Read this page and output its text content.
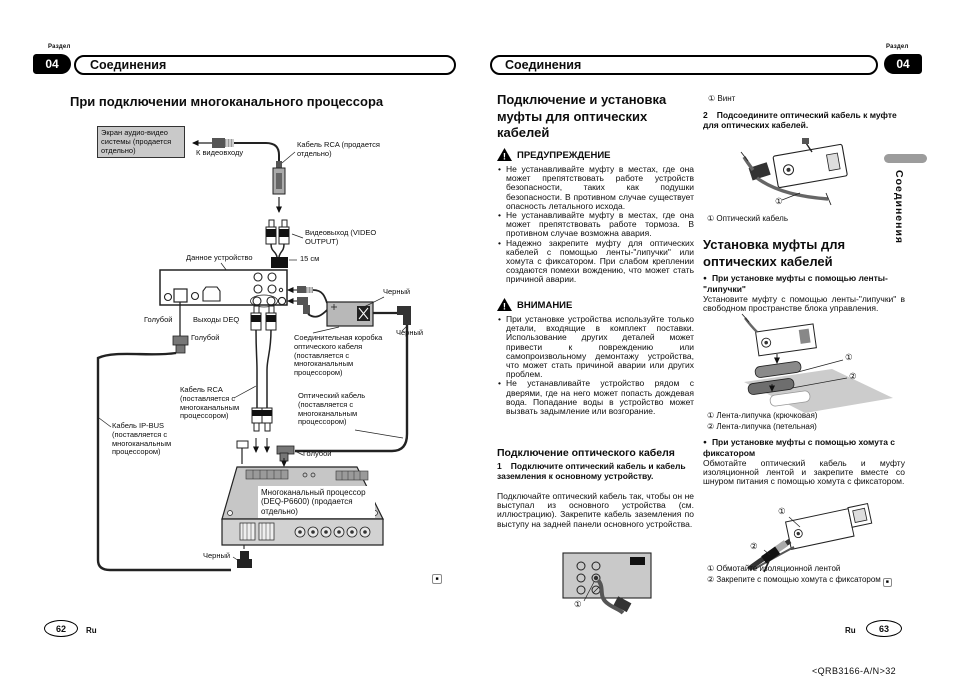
Раздел
04	Соединения
При подключении многоканального процессора
Экран аудио-видео системы (продается отдельно)	К видеовходу
Кабель RCA (продается отдельно)
Видеовыход (VIDEO OUTPUT)
15 см
Данное устройство
Голубой	Выходы DEQ
Голубой
Черный
Черный
Соединительная коробка оптического кабеля (поставляется с многоканальным процессором)
Кабель RCA (поставляется с многоканальным процессором)
Оптический кабель (поставляется с многоканальным процессором)
Кабель IP-BUS (поставляется с многоканальным процессором)	Голубой
Многоканальный процессор (DEQ-P6600) (продается отдельно)
Черный
■
62	Ru
Соединения
Раздел
04
Подключение и установка муфты для оптических кабелей
! ПРЕДУПРЕЖДЕНИЕ
• Не устанавливайте муфту в местах, где она может препятствовать работе устройств безопасности, таких как подушки безопасности. В противном случае существует опасность летального исхода.
• Не устанавливайте муфту в местах, где она может препятствовать работе тормоза. В противном случае возможна авария.
• Надежно закрепите муфту для оптических кабелей с помощью ленты-"липучки" или хомута с фиксатором. При слабом креплении создаются помехи вождению, что может стать причиной аварии.
! ВНИМАНИЕ
• При установке устройства используйте только детали, входящие в комплект поставки. Использование других деталей может привести к повреждению или самопроизвольному демонтажу устройства, что может стать причиной аварии или других проблем.
• Не устанавливайте устройство рядом с дверями, где на него может попасть дождевая вода. Попадание воды в устройство может вызвать задымление или возгорание.
Подключение оптического кабеля
1 Подключите оптический кабель и кабель заземления к основному устройству.
Подключайте оптический кабель так, чтобы он не выступал из основного устройства (см. иллюстрацию). Закрепите кабель заземления по выступу на задней панели основного устройства.
①
① Винт
2 Подсоедините оптический кабель к муфте для оптических кабелей.
①
① Оптический кабель
Установка муфты для оптических кабелей
● При установке муфты с помощью ленты-"липучки"
Установите муфту с помощью ленты-"липучки" в свободном пространстве блока управления.
①
②
① Лента-липучка (крючковая)
② Лента-липучка (петельная)
● При установке муфты с помощью хомута с фиксатором
Обмотайте оптический кабель и муфту изоляционной лентой и закрепите вместе со шнуром питания с помощью хомута с фиксатором.
①
②
① Обмотайте изоляционной лентой
② Закрепите с помощью хомута с фиксатором ■
Соединения
Ru	63
<QRB3166-A/N>32
